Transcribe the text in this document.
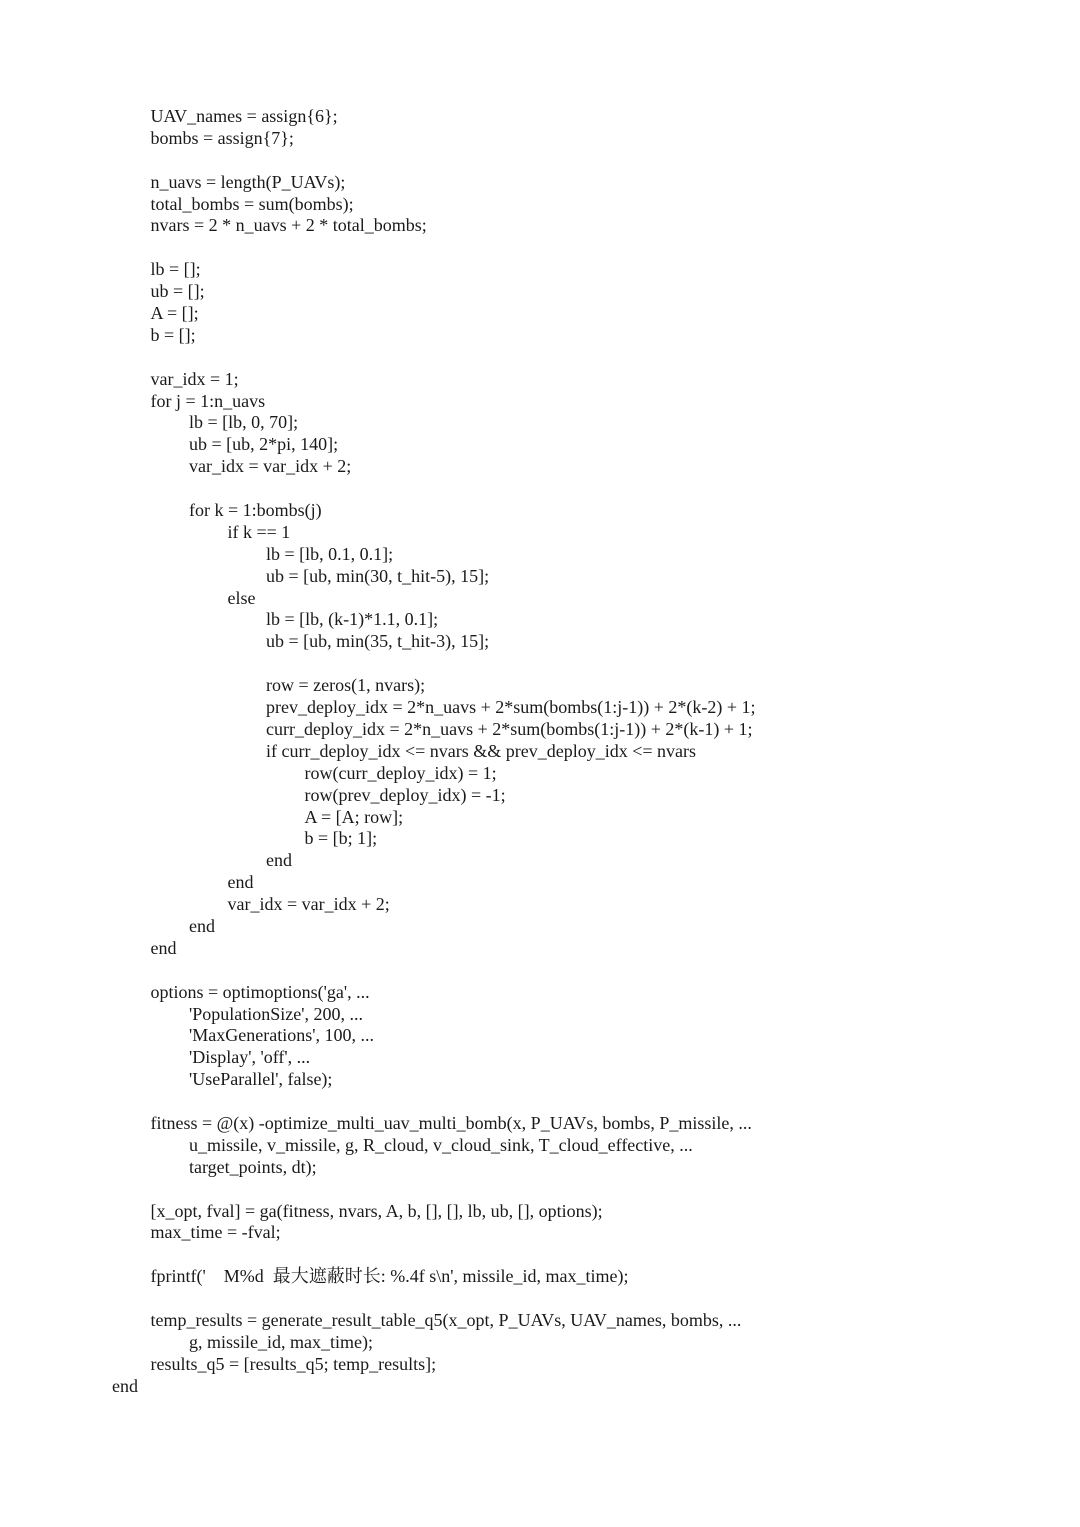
UAV_names = assign{6};
bombs = assign{7};
n_uavs = length(P_UAVs);
total_bombs = sum(bombs);
nvars = 2 * n_uavs + 2 * total_bombs;
lb = [];
ub = [];
A = [];
b = [];
var_idx = 1;
for j = 1:n_uavs
lb = [lb, 0, 70];
ub = [ub, 2*pi, 140];
var_idx = var_idx + 2;
for k = 1:bombs(j)
if k == 1
lb = [lb, 0.1, 0.1];
ub = [ub, min(30, t_hit-5), 15];
else
lb = [lb, (k-1)*1.1, 0.1];
ub = [ub, min(35, t_hit-3), 15];
row = zeros(1, nvars);
prev_deploy_idx = 2*n_uavs + 2*sum(bombs(1:j-1)) + 2*(k-2) + 1;
curr_deploy_idx = 2*n_uavs + 2*sum(bombs(1:j-1)) + 2*(k-1) + 1;
if curr_deploy_idx <= nvars && prev_deploy_idx <= nvars
row(curr_deploy_idx) = 1;
row(prev_deploy_idx) = -1;
A = [A; row];
b = [b; 1];
end
end
var_idx = var_idx + 2;
end
end
options = optimoptions('ga', ...
'PopulationSize', 200, ...
'MaxGenerations', 100, ...
'Display', 'off', ...
'UseParallel', false);
fitness = @(x) -optimize_multi_uav_multi_bomb(x, P_UAVs, bombs, P_missile, ...
u_missile, v_missile, g, R_cloud, v_cloud_sink, T_cloud_effective, ...
target_points, dt);
[x_opt, fval] = ga(fitness, nvars, A, b, [], [], lb, ub, [], options);
max_time = -fval;
fprintf('    M%d  最大遮蔽时长: %.4f s\n', missile_id, max_time);
temp_results = generate_result_table_q5(x_opt, P_UAVs, UAV_names, bombs, ...
g, missile_id, max_time);
results_q5 = [results_q5; temp_results];
end
